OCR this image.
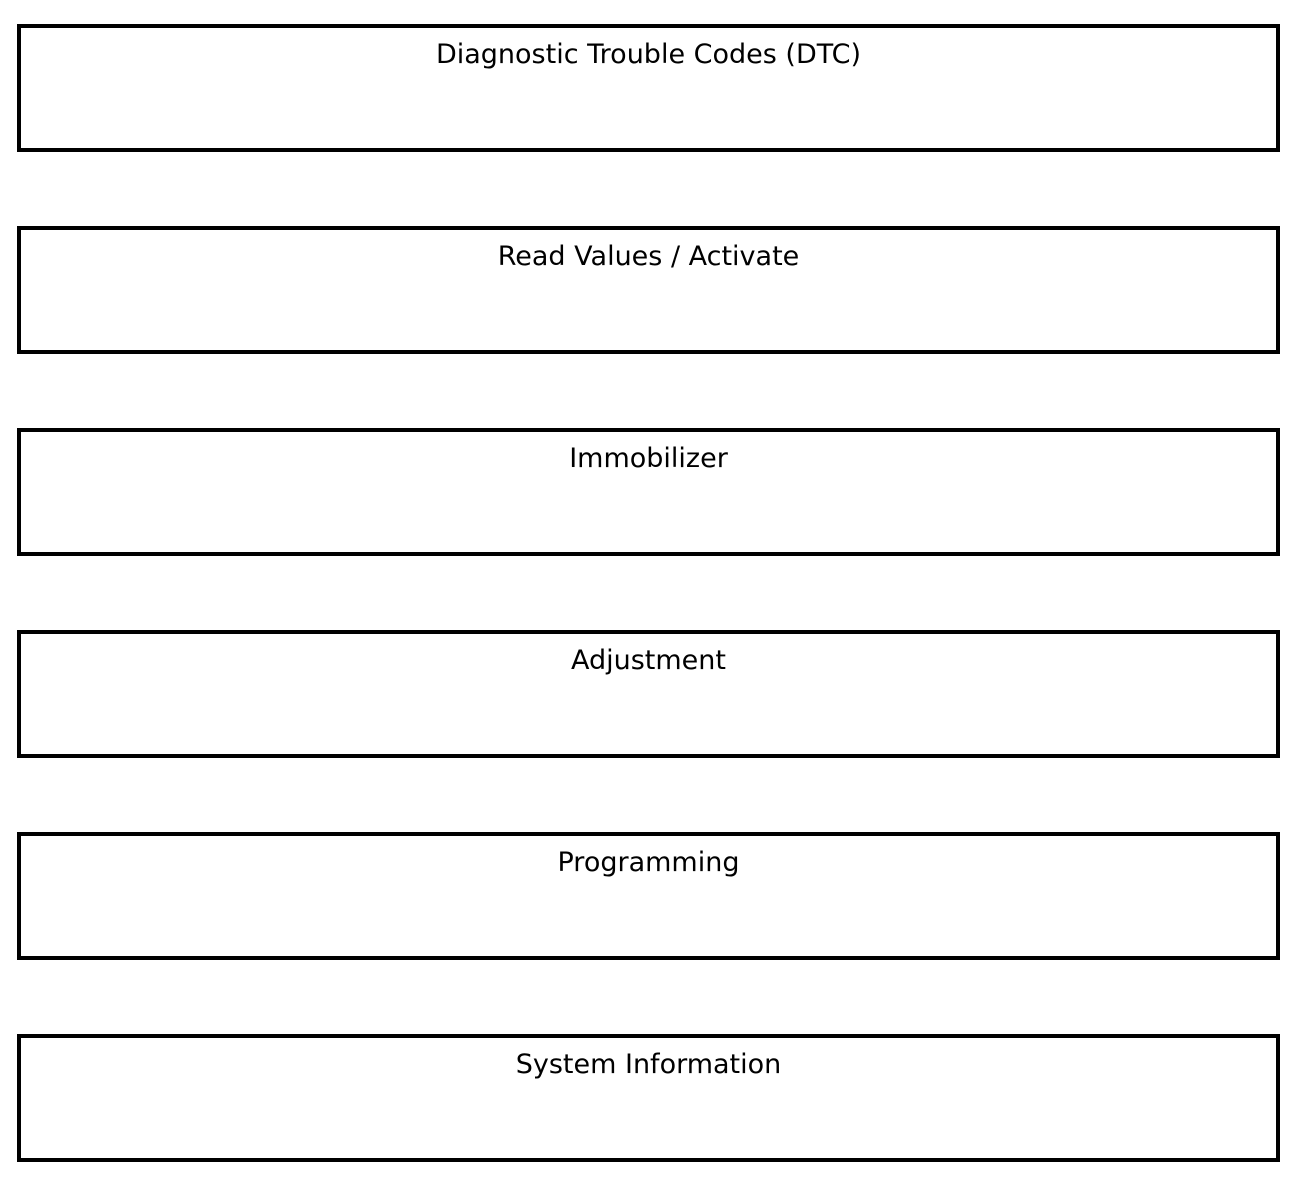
Diagnostic Trouble Codes (DTC)
Read Values / Activate
Immobilizer
Adjustment
Programming
System Information
